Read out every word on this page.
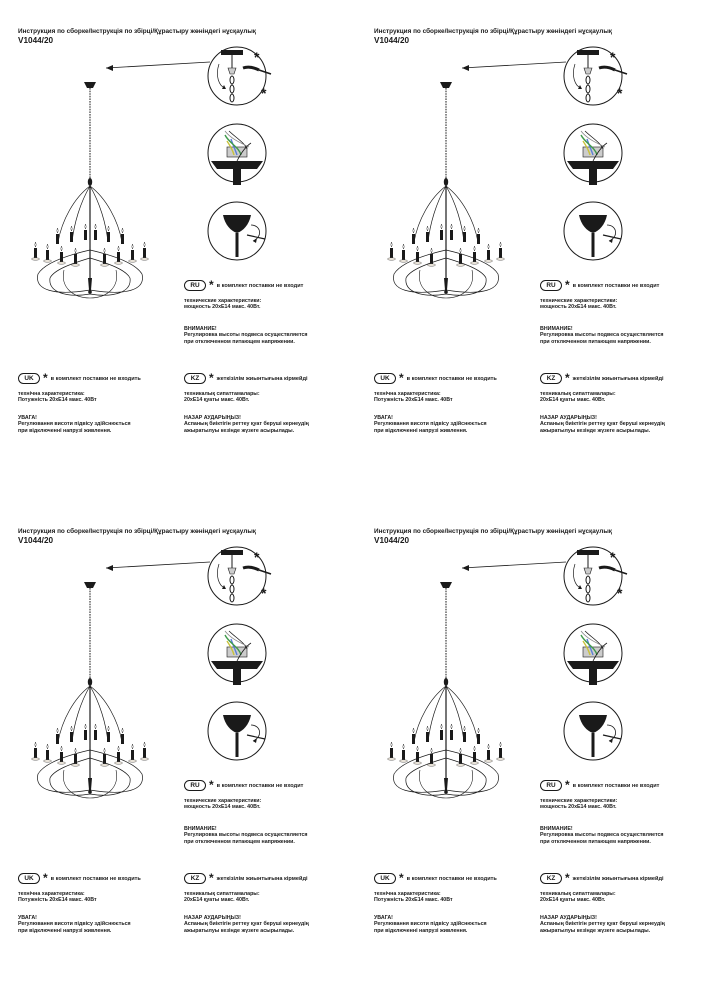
Инструкция по сборке/Інструкція по збірці/Құрастыру жөніндегі нұсқаулық
V1044/20
RU * в комплект поставки не входит
технические характеристики:
мощность 20хЕ14 макс. 40Вт.
ВНИМАНИЕ!
Регулировка высоты подвеса осуществляется
при отключенном питающем напряжении.
UK * в комплект поставки не входить
технічна характеристика:
Потужність 20хЕ14 макс. 40Вт
УВАГА!
Регулювання висоти підвісу здійснюється
при відключенні напрузі живлення.
KZ * жеткізілім жиынтығына кірмейді
техникалық сипаттамалары:
20хЕ14 қуаты макс. 40Вт.
НАЗАР АУДАРЫҢЫЗ!
Аспаның биіктігін реттеу қуат беруші кернеудің
ажыратылуы кезінде жүзеге асырылады.
Инструкция по сборке/Інструкція по збірці/Құрастыру жөніндегі нұсқаулық
V1044/20
RU * в комплект поставки не входит
технические характеристики:
мощность 20хЕ14 макс. 40Вт.
ВНИМАНИЕ!
Регулировка высоты подвеса осуществляется
при отключенном питающем напряжении.
UK * в комплект поставки не входить
технічна характеристика:
Потужність 20хЕ14 макс. 40Вт
УВАГА!
Регулювання висоти підвісу здійснюється
при відключенні напрузі живлення.
KZ * жеткізілім жиынтығына кірмейді
техникалық сипаттамалары:
20хЕ14 қуаты макс. 40Вт.
НАЗАР АУДАРЫҢЫЗ!
Аспаның биіктігін реттеу қуат беруші кернеудің
ажыратылуы кезінде жүзеге асырылады.
Инструкция по сборке/Інструкція по збірці/Құрастыру жөніндегі нұсқаулық
V1044/20
RU * в комплект поставки не входит
технические характеристики:
мощность 20хЕ14 макс. 40Вт.
ВНИМАНИЕ!
Регулировка высоты подвеса осуществляется
при отключенном питающем напряжении.
UK * в комплект поставки не входить
технічна характеристика:
Потужність 20хЕ14 макс. 40Вт
УВАГА!
Регулювання висоти підвісу здійснюється
при відключенні напрузі живлення.
KZ * жеткізілім жиынтығына кірмейді
техникалық сипаттамалары:
20хЕ14 қуаты макс. 40Вт.
НАЗАР АУДАРЫҢЫЗ!
Аспаның биіктігін реттеу қуат беруші кернеудің
ажыратылуы кезінде жүзеге асырылады.
Инструкция по сборке/Інструкція по збірці/Құрастыру жөніндегі нұсқаулық
V1044/20
RU * в комплект поставки не входит
технические характеристики:
мощность 20хЕ14 макс. 40Вт.
ВНИМАНИЕ!
Регулировка высоты подвеса осуществляется
при отключенном питающем напряжении.
UK * в комплект поставки не входить
технічна характеристика:
Потужність 20хЕ14 макс. 40Вт
УВАГА!
Регулювання висоти підвісу здійснюється
при відключенні напрузі живлення.
KZ * жеткізілім жиынтығына кірмейді
техникалық сипаттамалары:
20хЕ14 қуаты макс. 40Вт.
НАЗАР АУДАРЫҢЫЗ!
Аспаның биіктігін реттеу қуат беруші кернеудің
ажыратылуы кезінде жүзеге асырылады.
